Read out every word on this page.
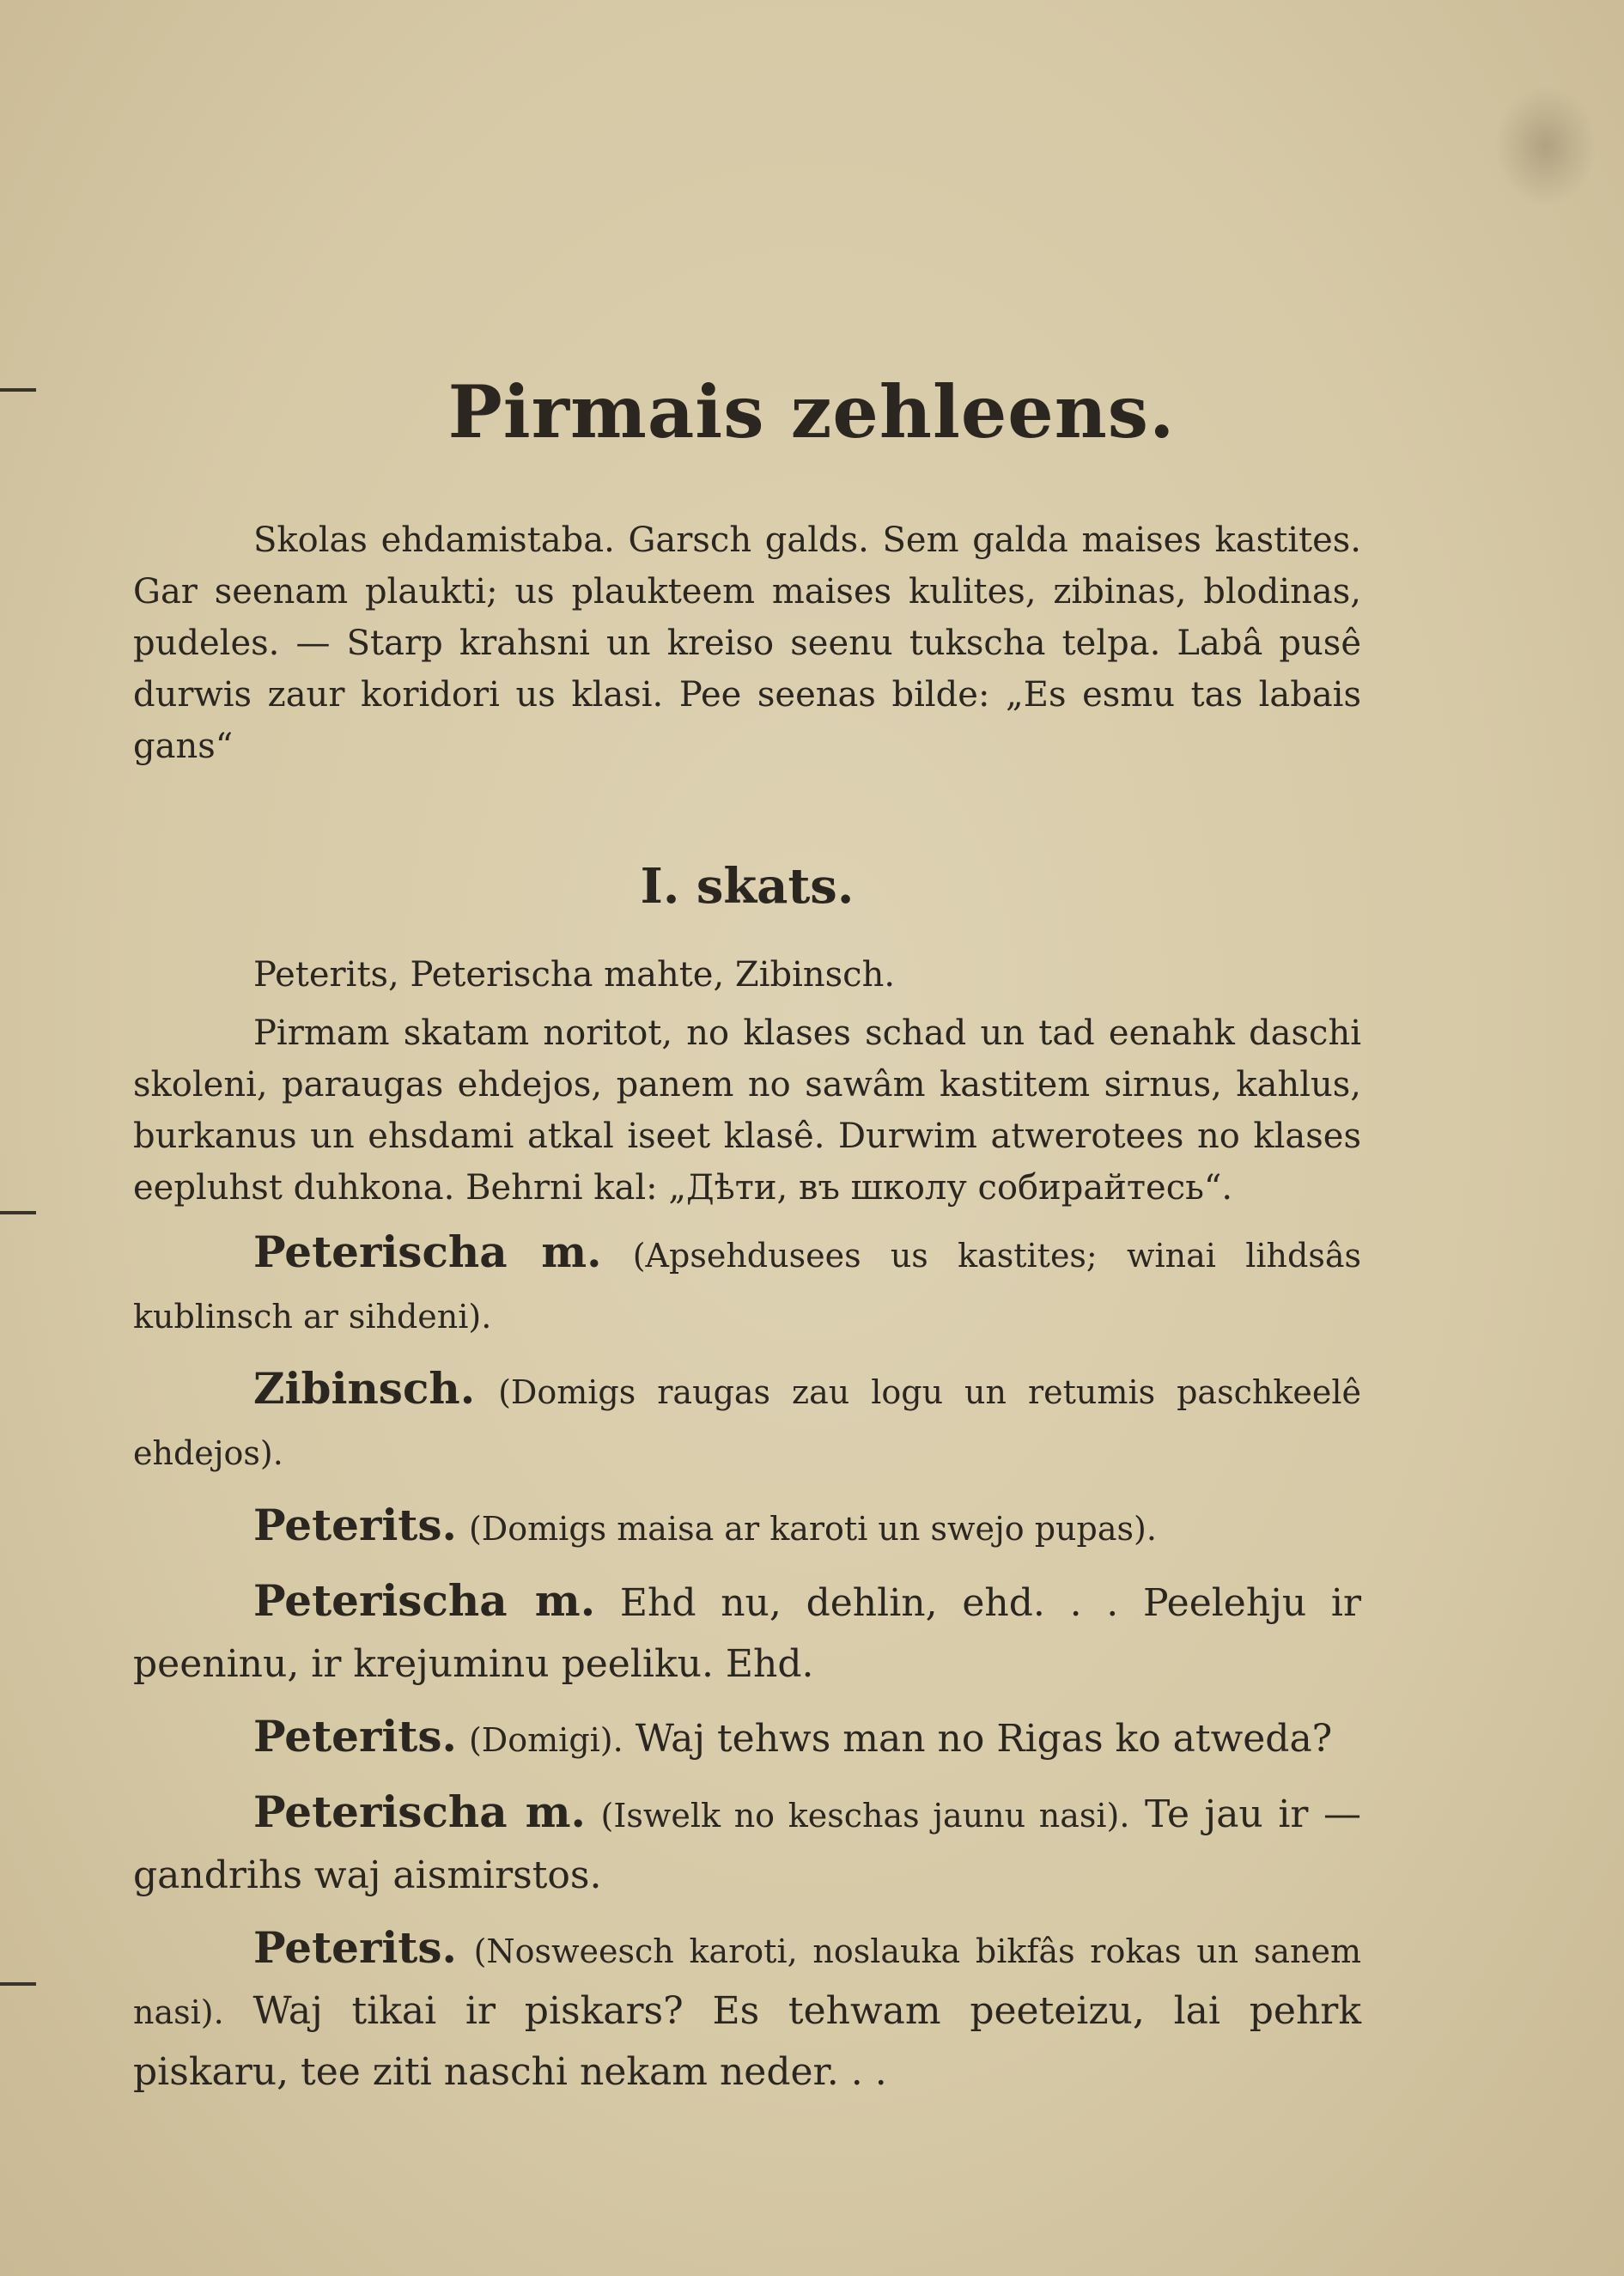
Pirmais zehleens.

Skolas ehdamistaba. Garsch galds. Sem galda maises kastites. Gar seenam plaukti; us plaukteem maises kulites, zibinas, blodinas, pudeles. — Starp krahsni un kreiso seenu tukscha telpa. Labâ pusê durwis zaur koridori us klasi. Pee seenas bilde: „Es esmu tas labais gans“

I. skats.

Peterits, Peterischa mahte, Zibinsch.

Pirmam skatam noritot, no klases schad un tad eenahk daschi skoleni, paraugas ehdejos, panem no sawâm kastitem sirnus, kahlus, burkanus un ehsdami atkal iseet klasê. Durwim atwerotees no klases eepluhst duhkona. Behrni kal: „Дѣти, въ школу собирайтесь“.

Peterischa m. (Apsehdusees us kastites; winai lihdsâs kublinsch ar sihdeni).

Zibinsch. (Domigs raugas zau logu un retumis paschkeelê ehdejos).

Peterits. (Domigs maisa ar karoti un swejo pupas).

Peterischa m. Ehd nu, dehlin, ehd. . . Peelehju ir peeninu, ir krejuminu peeliku. Ehd.

Peterits. (Domigi). Waj tehws man no Rigas ko atweda?

Peterischa m. (Iswelk no keschas jaunu nasi). Te jau ir — gandrihs waj aismirstos.

Peterits. (Nosweesch karoti, noslauka bikfâs rokas un sanem nasi). Waj tikai ir piskars? Es tehwam peeteizu, lai pehrk piskaru, tee ziti naschi nekam neder. . .
